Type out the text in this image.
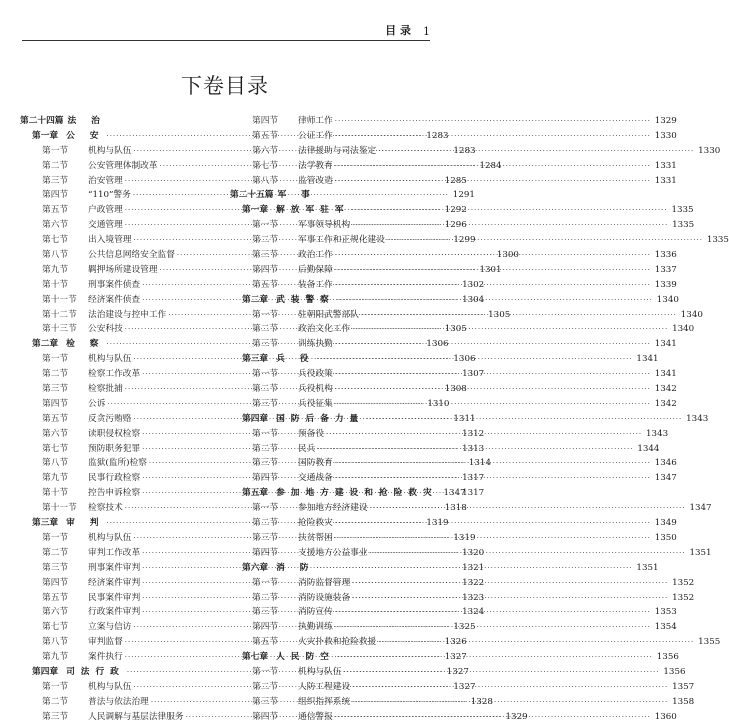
目 录 1
下卷目录
第二十四篇 法 治
第一章 公 安 ·····	1283
第一节	机构与队伍 ·····	1283
第二节	公安管理体制改革 ·····	1284
第三节	治安管理 ·····	1285
第四节	“110”警务 ·····	1291
第五节	户政管理 ·····	1292
第六节	交通管理 ·····	1296
第七节	出入境管理 ·····	1299
第八节	公共信息网络安全监督 ·····	1300
第九节	羁押场所建设管理 ·····	1301
第十节	刑事案件侦查 ·····	1302
第十一节	经济案件侦查 ·····	1304
第十二节	法治建设与控申工作 ·····	1305
第十三节	公安科技 ·····	1305
第二章 检 察 ·····	1306
第一节	机构与队伍 ·····	1306
第二节	检察工作改革 ·····	1307
第三节	检察批捕 ·····	1308
第四节	公诉 ·····	1310
第五节	反贪污贿赂 ·····	1311
第六节	读职侵权检察 ·····	1312
第七节	预防职务犯罪 ·····	1313
第八节	监狱(监所)检察 ·····	1314
第九节	民事行政检察 ·····	1317
第十节	控告申诉检察 ·····	1317
第十一节	检察技术 ·····	1318
第三章 审 判 ·····	1319
第一节	机构与队伍 ·····	1319
第二节	审判工作改革 ·····	1320
第三节	刑事案件审判 ·····	1321
第四节	经济案件审判 ·····	1322
第五节	民事案件审判 ·····	1323
第六节	行政案件审判 ·····	1324
第七节	立案与信访 ·····	1325
第八节	审判监督 ·····	1326
第九节	案件执行 ·····	1327
第四章 司法行政 ·····	1327
第一节	机构与队伍 ·····	1327
第二节	普法与依法治理 ·····	1328
第三节	人民调解与基层法律服务 ·····	1329
第四节	律师工作 ·····	1329
第五节	公证工作 ·····	1330
第六节	法律援助与司法鉴定 ·····	1330
第七节	法学教育 ·····	1331
第八节	监管改造 ·····	1331
第二十五篇 军 事
第一章 解放军驻军 ·····	1335
第一节	军事领导机构 ·····	1335
第二节	军事工作和正规化建设 ·····	1335
第三节	政治工作 ·····	1336
第四节	后勤保障 ·····	1337
第五节	装备工作 ·····	1339
第二章 武装警察 ·····	1340
第一节	驻朝阳武警部队 ·····	1340
第二节	政治文化工作 ·····	1340
第三节	训练执勤 ·····	1341
第三章 兵 役 ·····	1341
第一节	兵役政策 ·····	1341
第二节	兵役机构 ·····	1342
第三节	兵役征集 ·····	1342
第四章 国防后备力量 ·····	1343
第一节	预备役 ·····	1343
第二节	民兵 ·····	1344
第三节	国防教育 ·····	1346
第四节	交通战备 ·····	1347
第五章 参加地方建设和抢险救灾 1347
第一节	参加地方经济建设 ·····	1347
第二节	抢险救灾 ·····	1349
第三节	扶贫帮困 ·····	1350
第四节	支援地方公益事业 ·····	1351
第六章 消 防 ·····	1351
第一节	消防监督管理 ·····	1352
第二节	消防设施装备 ·····	1352
第三节	消防宣传 ·····	1353
第四节	执勤训练 ·····	1354
第五节	火灾扑救和抢险救援 ·····	1355
第七章 人民防空 ·····	1356
第一节	机构与队伍 ·····	1356
第二节	人防工程建设 ·····	1357
第三节	组织指挥系统 ·····	1358
第四节	通信警报 ·····	1360
